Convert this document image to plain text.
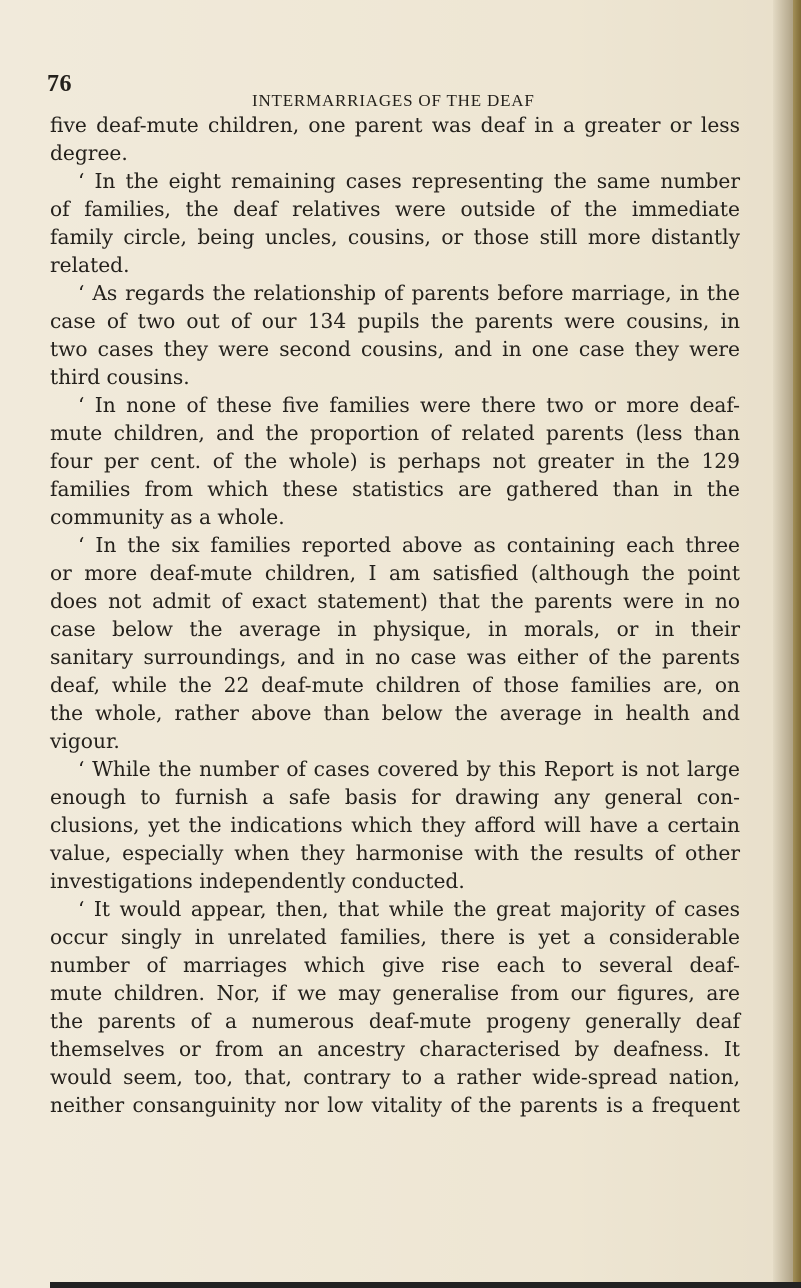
76
INTERMARRIAGES OF THE DEAF
five deaf-mute children, one parent was deaf in a greater or less
degree.
‘ In the eight remaining cases representing the same number
of families, the deaf relatives were outside of the immediate
family circle, being uncles, cousins, or those still more distantly
related.
‘ As regards the relationship of parents before marriage, in the
case of two out of our 134 pupils the parents were cousins, in
two cases they were second cousins, and in one case they were
third cousins.
‘ In none of these five families were there two or more deaf-
mute children, and the proportion of related parents (less than
four per cent. of the whole) is perhaps not greater in the 129
families from which these statistics are gathered than in the
community as a whole.
‘ In the six families reported above as containing each three
or more deaf-mute children, I am satisfied (although the point
does not admit of exact statement) that the parents were in no
case below the average in physique, in morals, or in their
sanitary surroundings, and in no case was either of the parents
deaf, while the 22 deaf-mute children of those families are, on
the whole, rather above than below the average in health and
vigour.
‘ While the number of cases covered by this Report is not large
enough to furnish a safe basis for drawing any general con-
clusions, yet the indications which they afford will have a certain
value, especially when they harmonise with the results of other
investigations independently conducted.
‘ It would appear, then, that while the great majority of cases
occur singly in unrelated families, there is yet a considerable
number of marriages which give rise each to several deaf-
mute children. Nor, if we may generalise from our figures, are
the parents of a numerous deaf-mute progeny generally deaf
themselves or from an ancestry characterised by deafness. It
would seem, too, that, contrary to a rather wide-spread nation,
neither consanguinity nor low vitality of the parents is a frequent
